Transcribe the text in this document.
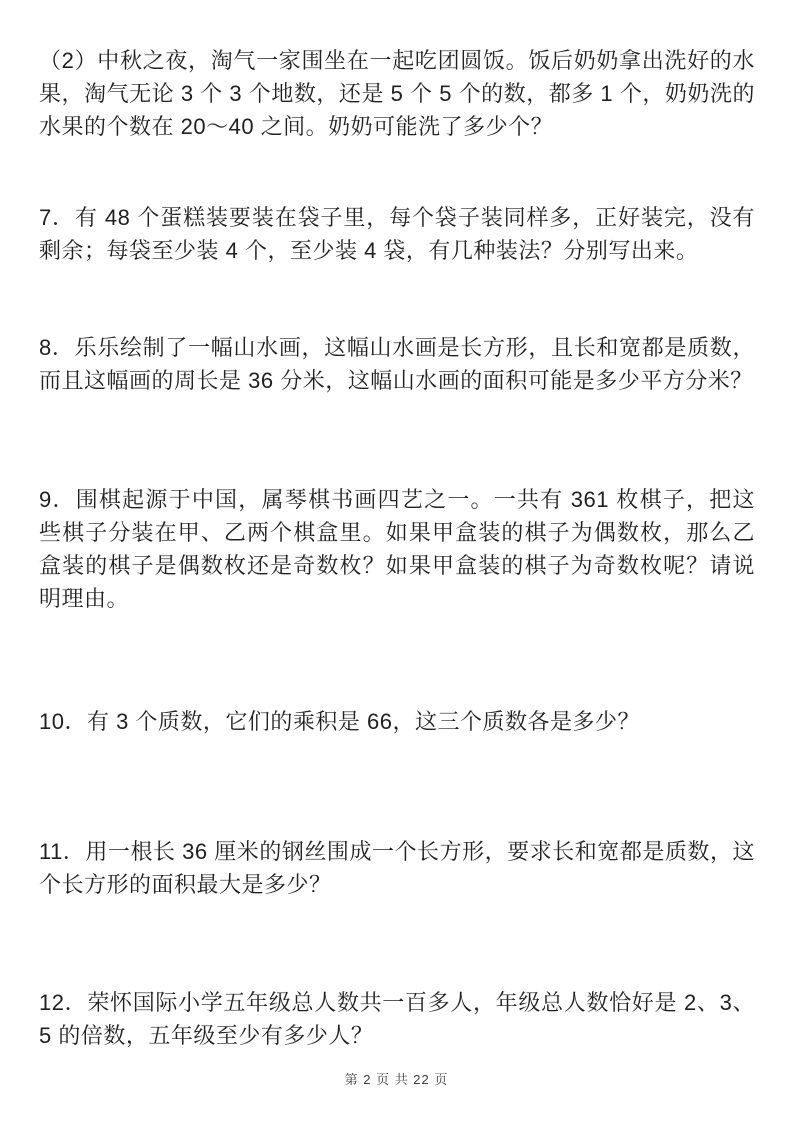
（2）中秋之夜，淘气一家围坐在一起吃团圆饭。饭后奶奶拿出洗好的水果，淘气无论 3 个 3 个地数，还是 5 个 5 个的数，都多 1 个，奶奶洗的水果的个数在 20～40 之间。奶奶可能洗了多少个？

7．有 48 个蛋糕装要装在袋子里，每个袋子装同样多，正好装完，没有剩余；每袋至少装 4 个，至少装 4 袋，有几种装法？分别写出来。

8．乐乐绘制了一幅山水画，这幅山水画是长方形，且长和宽都是质数，而且这幅画的周长是 36 分米，这幅山水画的面积可能是多少平方分米？

9．围棋起源于中国，属琴棋书画四艺之一。一共有 361 枚棋子，把这些棋子分装在甲、乙两个棋盒里。如果甲盒装的棋子为偶数枚，那么乙盒装的棋子是偶数枚还是奇数枚？如果甲盒装的棋子为奇数枚呢？请说明理由。

10．有 3 个质数，它们的乘积是 66，这三个质数各是多少？

11．用一根长 36 厘米的钢丝围成一个长方形，要求长和宽都是质数，这个长方形的面积最大是多少？

12．荣怀国际小学五年级总人数共一百多人，年级总人数恰好是 2、3、5 的倍数，五年级至少有多少人？

第 2 页 共 22 页
